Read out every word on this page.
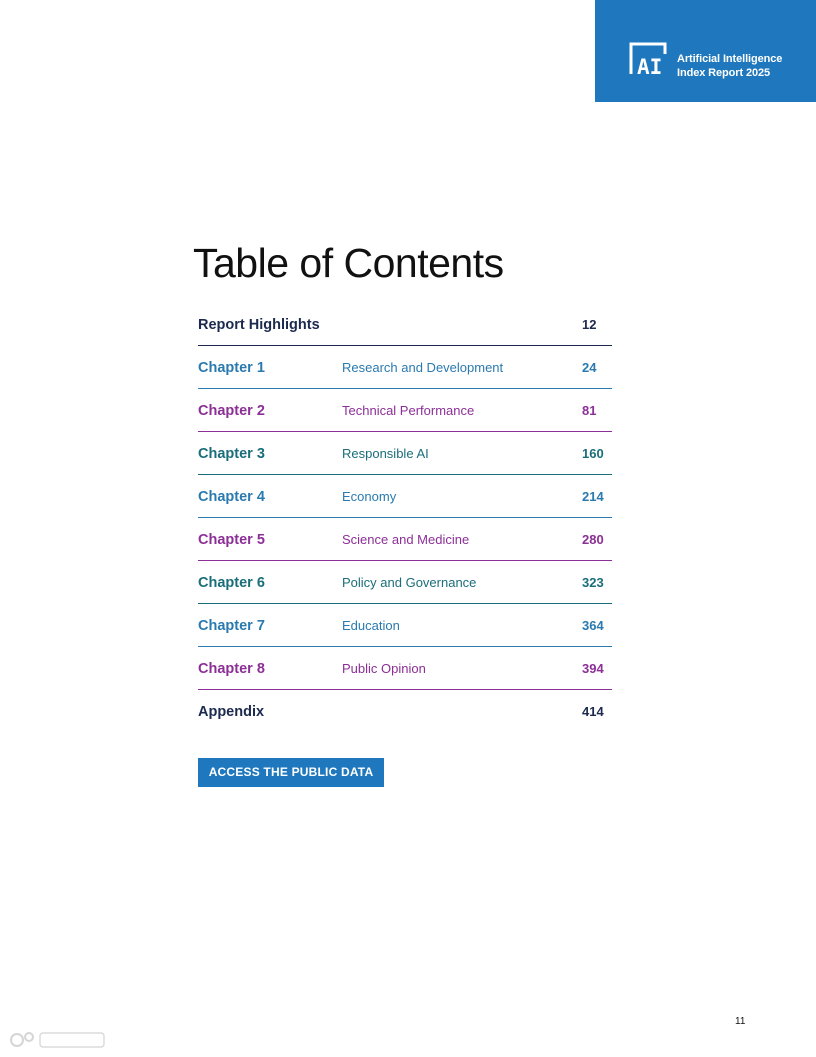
AI Artificial Intelligence
Index Report 2025
Table of Contents
Report Highlights	12
Chapter 1	Research and Development	24
Chapter 2	Technical Performance	81
Chapter 3	Responsible AI	160
Chapter 4	Economy	214
Chapter 5	Science and Medicine	280
Chapter 6	Policy and Governance	323
Chapter 7	Education	364
Chapter 8	Public Opinion	394
Appendix	414
ACCESS THE PUBLIC DATA
11
